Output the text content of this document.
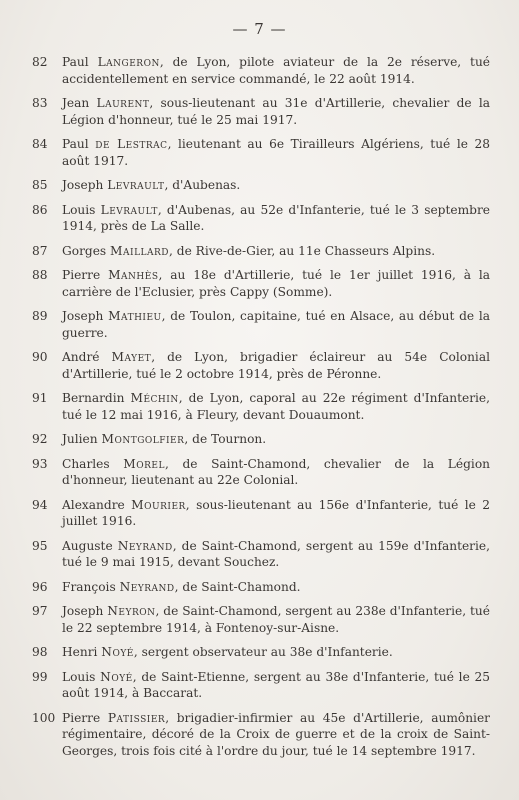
— 7 —
82	Paul Langeron, de Lyon, pilote aviateur de la 2e réserve, tué accidentellement en service commandé, le 22 août 1914.
83	Jean Laurent, sous-lieutenant au 31e d'Artillerie, chevalier de la Légion d'honneur, tué le 25 mai 1917.
84	Paul de Lestrac, lieutenant au 6e Tirailleurs Algériens, tué le 28 août 1917.
85	Joseph Levrault, d'Aubenas.
86	Louis Levrault, d'Aubenas, au 52e d'Infanterie, tué le 3 septembre 1914, près de La Salle.
87	Gorges Maillard, de Rive-de-Gier, au 11e Chasseurs Alpins.
88	Pierre Manhès, au 18e d'Artillerie, tué le 1er juillet 1916, à la carrière de l'Eclusier, près Cappy (Somme).
89	Joseph Mathieu, de Toulon, capitaine, tué en Alsace, au début de la guerre.
90	André Mayet, de Lyon, brigadier éclaireur au 54e Colonial d'Artillerie, tué le 2 octobre 1914, près de Péronne.
91	Bernardin Méchin, de Lyon, caporal au 22e régiment d'Infanterie, tué le 12 mai 1916, à Fleury, devant Douaumont.
92	Julien Montgolfier, de Tournon.
93	Charles Morel, de Saint-Chamond, chevalier de la Légion d'honneur, lieutenant au 22e Colonial.
94	Alexandre Mourier, sous-lieutenant au 156e d'Infanterie, tué le 2 juillet 1916.
95	Auguste Neyrand, de Saint-Chamond, sergent au 159e d'Infanterie, tué le 9 mai 1915, devant Souchez.
96	François Neyrand, de Saint-Chamond.
97	Joseph Neyron, de Saint-Chamond, sergent au 238e d'Infanterie, tué le 22 septembre 1914, à Fontenoy-sur-Aisne.
98	Henri Noyé, sergent observateur au 38e d'Infanterie.
99	Louis Noyé, de Saint-Etienne, sergent au 38e d'Infanterie, tué le 25 août 1914, à Baccarat.
100 Pierre Patissier, brigadier-infirmier au 45e d'Artillerie, aumônier régimentaire, décoré de la Croix de guerre et de la croix de Saint-Georges, trois fois cité à l'ordre du jour, tué le 14 septembre 1917.
